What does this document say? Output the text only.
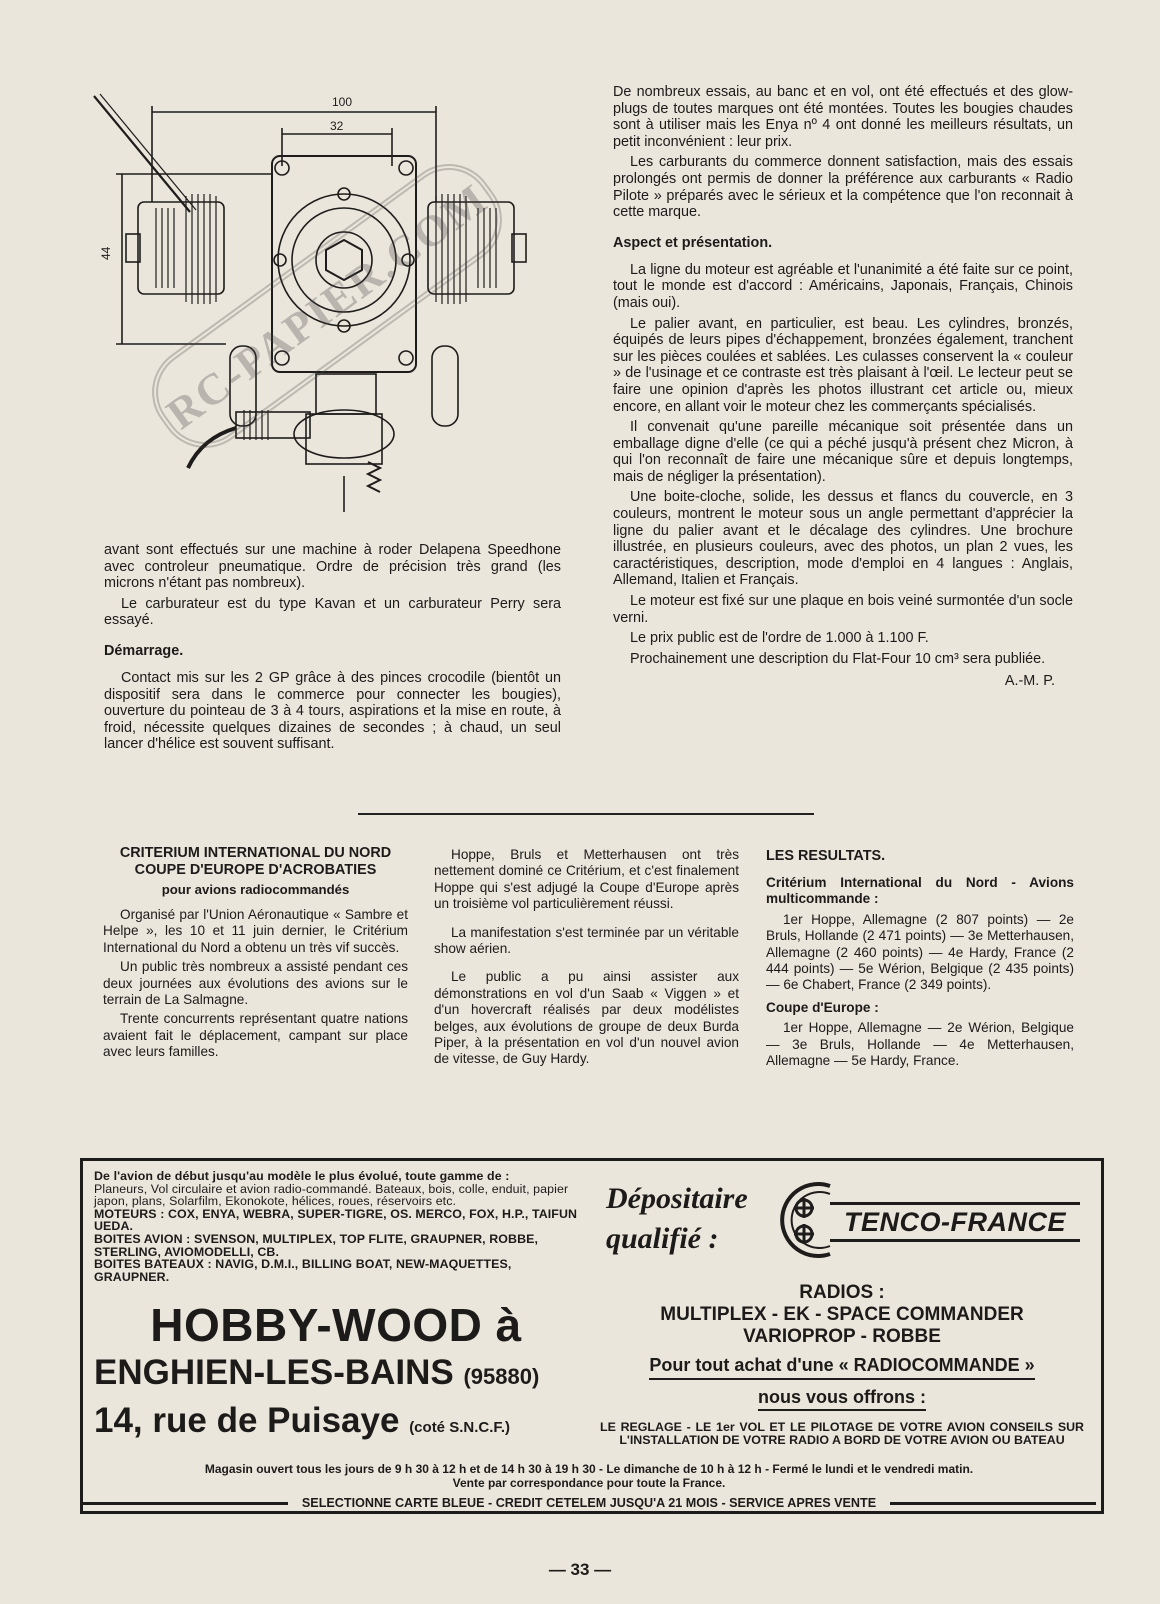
100
32
44 RC-PAPIER.COM

avant sont effectués sur une machine à roder Delapena Speedhone avec controleur pneumatique. Ordre de précision très grand (les microns n'étant pas nombreux).

Le carburateur est du type Kavan et un carburateur Perry sera essayé.

Démarrage.

Contact mis sur les 2 GP grâce à des pinces crocodile (bientôt un dispositif sera dans le commerce pour connecter les bougies), ouverture du pointeau de 3 à 4 tours, aspirations et la mise en route, à froid, nécessite quelques dizaines de secondes ; à chaud, un seul lancer d'hélice est souvent suffisant.

De nombreux essais, au banc et en vol, ont été effectués et des glow-plugs de toutes marques ont été montées. Toutes les bougies chaudes sont à utiliser mais les Enya nº 4 ont donné les meilleurs résultats, un petit inconvénient : leur prix.

Les carburants du commerce donnent satisfaction, mais des essais prolongés ont permis de donner la préférence aux carburants « Radio Pilote » préparés avec le sérieux et la compétence que l'on reconnait à cette marque.

Aspect et présentation.

La ligne du moteur est agréable et l'unanimité a été faite sur ce point, tout le monde est d'accord : Américains, Japonais, Français, Chinois (mais oui).

Le palier avant, en particulier, est beau. Les cylindres, bronzés, équipés de leurs pipes d'échappement, bronzées également, tranchent sur les pièces coulées et sablées. Les culasses conservent la « couleur » de l'usinage et ce contraste est très plaisant à l'œil. Le lecteur peut se faire une opinion d'après les photos illustrant cet article ou, mieux encore, en allant voir le moteur chez les commerçants spécialisés.

Il convenait qu'une pareille mécanique soit présentée dans un emballage digne d'elle (ce qui a péché jusqu'à présent chez Micron, à qui l'on reconnaît de faire une mécanique sûre et depuis longtemps, mais de négliger la présentation).

Une boite-cloche, solide, les dessus et flancs du couvercle, en 3 couleurs, montrent le moteur sous un angle permettant d'apprécier la ligne du palier avant et le décalage des cylindres. Une brochure illustrée, en plusieurs couleurs, avec des photos, un plan 2 vues, les caractéristiques, description, mode d'emploi en 4 langues : Anglais, Allemand, Italien et Français.

Le moteur est fixé sur une plaque en bois veiné surmontée d'un socle verni.

Le prix public est de l'ordre de 1.000 à 1.100 F.

Prochainement une description du Flat-Four 10 cm³ sera publiée.

A.-M. P.

CRITERIUM INTERNATIONAL DU NORD

COUPE D'EUROPE D'ACROBATIES

pour avions radiocommandés

Organisé par l'Union Aéronautique « Sambre et Helpe », les 10 et 11 juin dernier, le Critérium International du Nord a obtenu un très vif succès.

Un public très nombreux a assisté pendant ces deux journées aux évolutions des avions sur le terrain de La Salmagne.

Trente concurrents représentant quatre nations avaient fait le déplacement, campant sur place avec leurs familles.

Hoppe, Bruls et Metterhausen ont très nettement dominé ce Critérium, et c'est finalement Hoppe qui s'est adjugé la Coupe d'Europe après un troisième vol particulièrement réussi.

La manifestation s'est terminée par un véritable show aérien.

Le public a pu ainsi assister aux démonstrations en vol d'un Saab « Viggen » et d'un hovercraft réalisés par deux modélistes belges, aux évolutions de groupe de deux Burda Piper, à la présentation en vol d'un nouvel avion de vitesse, de Guy Hardy.

LES RESULTATS.

Critérium International du Nord - Avions multicommande :

1er Hoppe, Allemagne (2 807 points) — 2e Bruls, Hollande (2 471 points) — 3e Metterhausen, Allemagne (2 460 points) — 4e Hardy, France (2 444 points) — 5e Wérion, Belgique (2 435 points) — 6e Chabert, France (2 349 points).

Coupe d'Europe :

1er Hoppe, Allemagne — 2e Wérion, Belgique — 3e Bruls, Hollande — 4e Metterhausen, Allemagne — 5e Hardy, France.

De l'avion de début jusqu'au modèle le plus évolué, toute gamme de :

Planeurs, Vol circulaire et avion radio-commandé. Bateaux, bois, colle, enduit, papier japon, plans, Solarfilm, Ekonokote, hélices, roues, réservoirs etc.

MOTEURS : COX, ENYA, WEBRA, SUPER-TIGRE, OS. MERCO, FOX, H.P., TAIFUN UEDA.

BOITES AVION : SVENSON, MULTIPLEX, TOP FLITE, GRAUPNER, ROBBE, STERLING, AVIOMODELLI, CB.

BOITES BATEAUX : NAVIG, D.M.I., BILLING BOAT, NEW-MAQUETTES, GRAUPNER.

HOBBY-WOOD à
ENGHIEN-LES-BAINS (95880)
14, rue de Puisaye (coté S.N.C.F.)
Dépositaire
qualifié :	TENCO-FRANCE
RADIOS :
MULTIPLEX - EK - SPACE COMMANDER
VARIOPROP - ROBBE
Pour tout achat d'une « RADIOCOMMANDE »
nous vous offrons :
LE REGLAGE - LE 1er VOL ET LE PILOTAGE DE VOTRE AVION CONSEILS SUR L'INSTALLATION DE VOTRE RADIO A BORD DE VOTRE AVION OU BATEAU
Magasin ouvert tous les jours de 9 h 30 à 12 h et de 14 h 30 à 19 h 30 - Le dimanche de 10 h à 12 h - Fermé le lundi et le vendredi matin.
Vente par correspondance pour toute la France.
SELECTIONNE CARTE BLEUE - CREDIT CETELEM JUSQU'A 21 MOIS - SERVICE APRES VENTE
— 33 —
